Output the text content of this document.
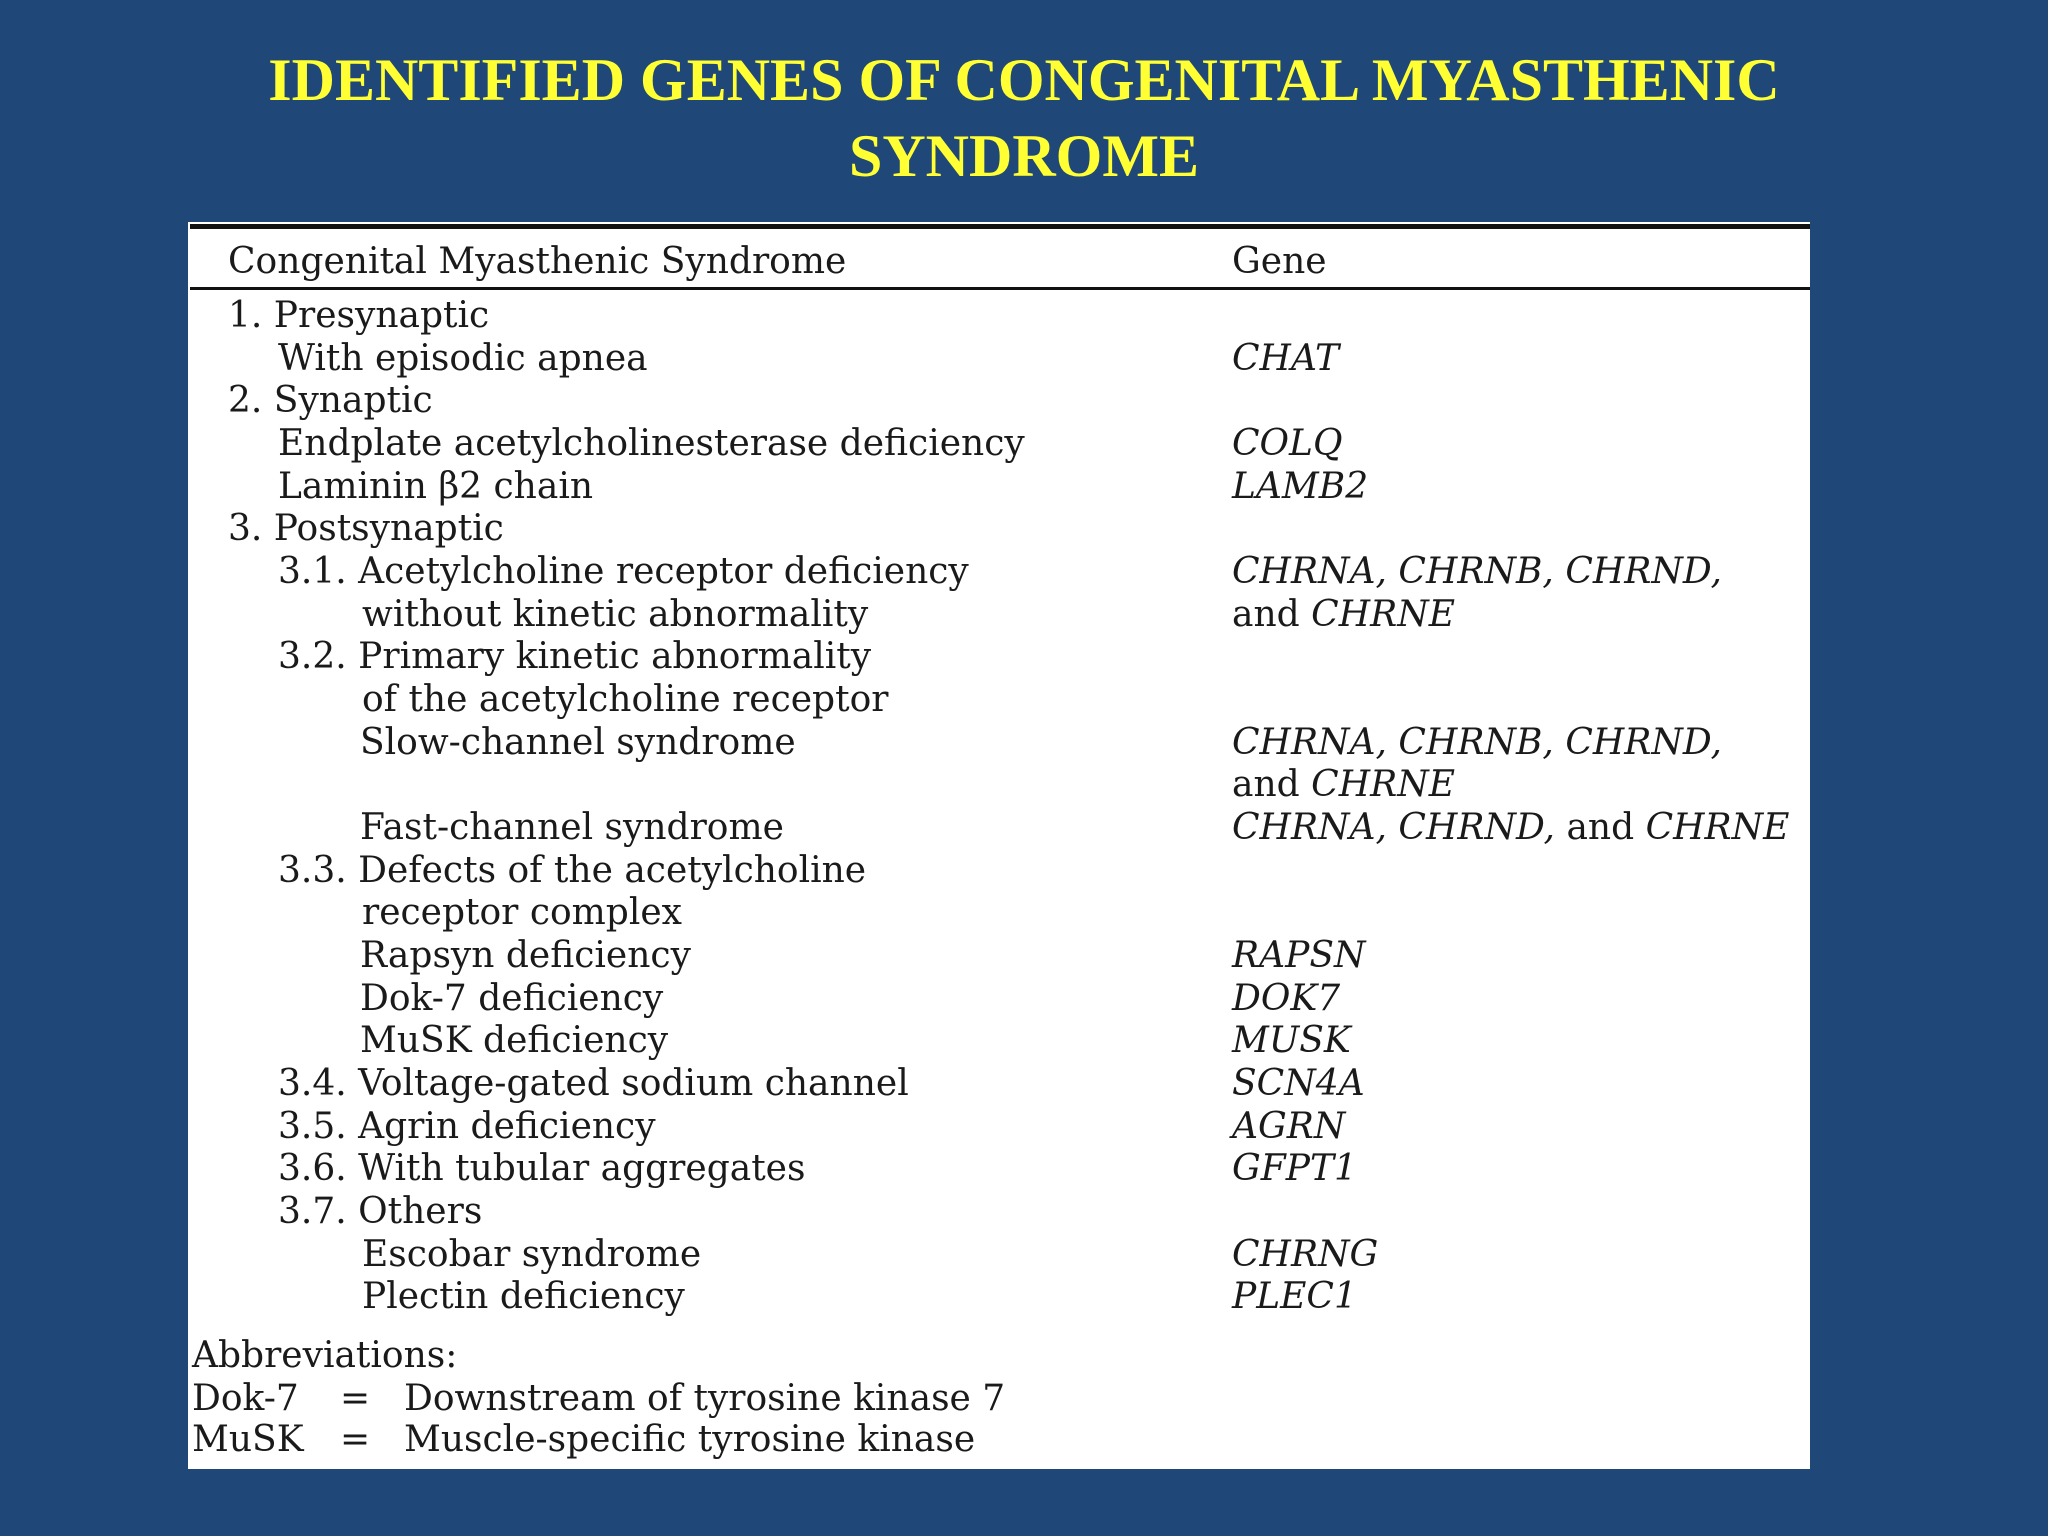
IDENTIFIED GENES OF CONGENITAL MYASTHENIC
SYNDROME
Congenital Myasthenic Syndrome	Gene
1. Presynaptic
With episodic apnea	CHAT
2. Synaptic
Endplate acetylcholinesterase deficiency	COLQ
Laminin β2 chain	LAMB2
3. Postsynaptic
3.1. Acetylcholine receptor deficiency	CHRNA, CHRNB, CHRND,
without kinetic abnormality	and CHRNE
3.2. Primary kinetic abnormality
of the acetylcholine receptor
Slow-channel syndrome	CHRNA, CHRNB, CHRND,
and CHRNE
Fast-channel syndrome	CHRNA, CHRND, and CHRNE
3.3. Defects of the acetylcholine
receptor complex
Rapsyn deficiency	RAPSN
Dok-7 deficiency	DOK7
MuSK deficiency	MUSK
3.4. Voltage-gated sodium channel	SCN4A
3.5. Agrin deficiency	AGRN
3.6. With tubular aggregates	GFPT1
3.7. Others
Escobar syndrome	CHRNG
Plectin deficiency	PLEC1
Abbreviations:
Dok-7 = Downstream of tyrosine kinase 7
MuSK = Muscle-specific tyrosine kinase
